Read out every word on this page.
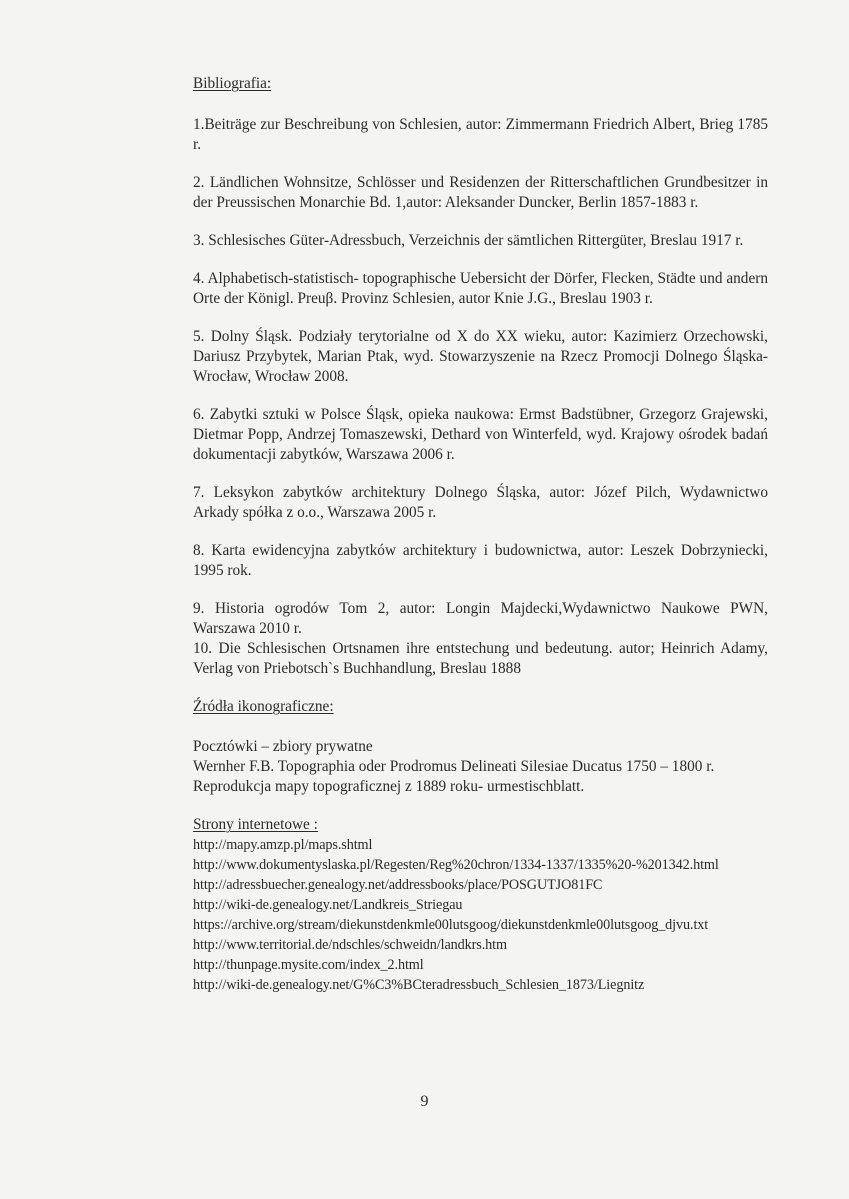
Bibliografia:

1.Beiträge zur Beschreibung von Schlesien, autor: Zimmermann Friedrich Albert, Brieg 1785 r.

2. Ländlichen Wohnsitze, Schlösser und Residenzen der Ritterschaftlichen Grundbesitzer in der Preussischen Monarchie Bd. 1,autor: Aleksander Duncker, Berlin 1857-1883 r.

3. Schlesisches Güter-Adressbuch, Verzeichnis der sämtlichen Rittergüter, Breslau 1917 r.

4. Alphabetisch-statistisch- topographische Uebersicht der Dörfer, Flecken, Städte und andern Orte der Königl. Preuβ. Provinz Schlesien, autor Knie J.G., Breslau 1903 r.

5. Dolny Śląsk. Podziały terytorialne od X do XX wieku, autor: Kazimierz Orzechowski, Dariusz Przybytek, Marian Ptak, wyd. Stowarzyszenie na Rzecz Promocji Dolnego Śląska- Wrocław, Wrocław 2008.

6. Zabytki sztuki w Polsce Śląsk, opieka naukowa: Ermst Badstübner, Grzegorz Grajewski, Dietmar Popp, Andrzej Tomaszewski, Dethard von Winterfeld, wyd. Krajowy ośrodek badań dokumentacji zabytków, Warszawa 2006 r.

7. Leksykon zabytków architektury Dolnego Śląska, autor: Józef Pilch, Wydawnictwo Arkady spółka z o.o., Warszawa 2005 r.

8. Karta ewidencyjna zabytków architektury i budownictwa, autor: Leszek Dobrzyniecki, 1995 rok.

9. Historia ogrodów Tom 2, autor: Longin Majdecki,Wydawnictwo Naukowe PWN, Warszawa 2010 r.

10. Die Schlesischen Ortsnamen ihre entstechung und bedeutung. autor; Heinrich Adamy, Verlag von Priebotsch`s Buchhandlung, Breslau 1888

Źródła ikonograficzne:

Pocztówki – zbiory prywatne

Wernher F.B. Topographia oder Prodromus Delineati Silesiae Ducatus 1750 – 1800 r.

Reprodukcja mapy topograficznej z 1889 roku- urmestischblatt.

Strony internetowe :

http://mapy.amzp.pl/maps.shtml

http://www.dokumentyslaska.pl/Regesten/Reg%20chron/1334-1337/1335%20-%201342.html

http://adressbuecher.genealogy.net/addressbooks/place/POSGUTJO81FC

http://wiki-de.genealogy.net/Landkreis_Striegau

https://archive.org/stream/diekunstdenkmle00lutsgoog/diekunstdenkmle00lutsgoog_djvu.txt

http://www.territorial.de/ndschles/schweidn/landkrs.htm

http://thunpage.mysite.com/index_2.html

http://wiki-de.genealogy.net/G%C3%BCteradressbuch_Schlesien_1873/Liegnitz

9
